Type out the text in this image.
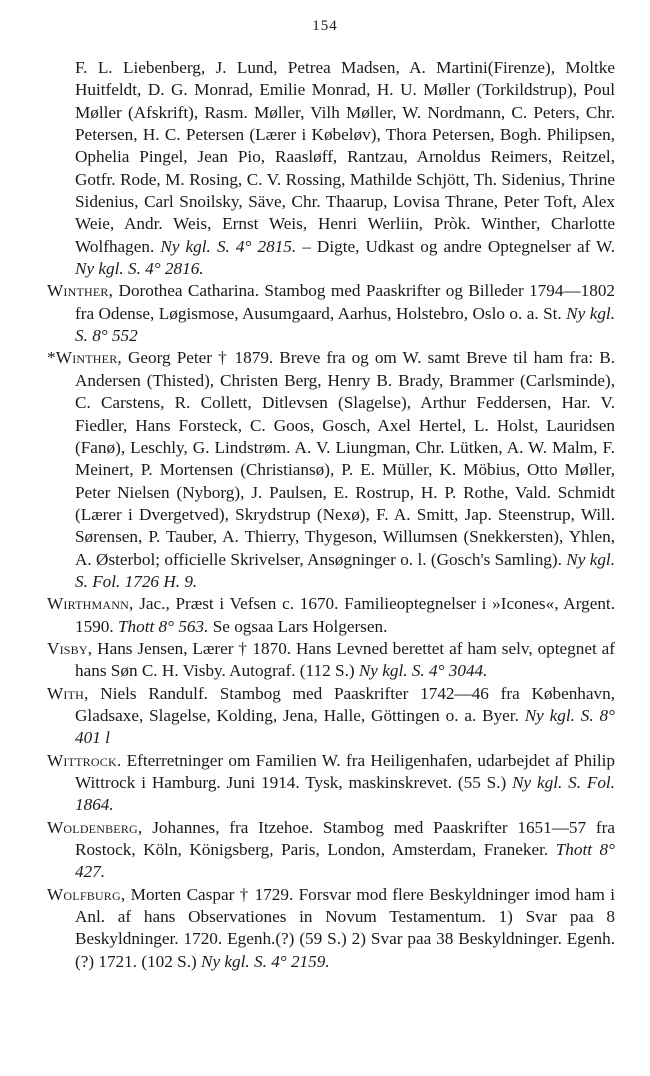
154

F. L. Liebenberg, J. Lund, Petrea Madsen, A. Martini(Firenze), Moltke Huitfeldt, D. G. Monrad, Emilie Monrad, H. U. Møller (Torkildstrup), Poul Møller (Afskrift), Rasm. Møller, Vilh Møller, W. Nordmann, C. Peters, Chr. Petersen, H. C. Petersen (Lærer i Købeløv), Thora Petersen, Bogh. Philipsen, Ophelia Pingel, Jean Pio, Raasløff, Rantzau, Arnoldus Reimers, Reitzel, Gotfr. Rode, M. Rosing, C. V. Rossing, Mathilde Schjött, Th. Sidenius, Thrine Sidenius, Carl Snoilsky, Säve, Chr. Thaarup, Lovisa Thrane, Peter Toft, Alex Weie, Andr. Weis, Ernst Weis, Henri Werliin, Pròk. Winther, Charlotte Wolfhagen. Ny kgl. S. 4° 2815. – Digte, Udkast og andre Optegnelser af W. Ny kgl. S. 4° 2816.

Winther, Dorothea Catharina. Stambog med Paaskrifter og Billeder 1794—1802 fra Odense, Løgismose, Ausumgaard, Aarhus, Holstebro, Oslo o. a. St. Ny kgl. S. 8° 552

*Winther, Georg Peter † 1879. Breve fra og om W. samt Breve til ham fra: B. Andersen (Thisted), Christen Berg, Henry B. Brady, Brammer (Carlsminde), C. Carstens, R. Collett, Ditlevsen (Slagelse), Arthur Feddersen, Har. V. Fiedler, Hans Forsteck, C. Goos, Gosch, Axel Hertel, L. Holst, Lauridsen (Fanø), Leschly, G. Lindstrøm. A. V. Liungman, Chr. Lütken, A. W. Malm, F. Meinert, P. Mortensen (Christiansø), P. E. Müller, K. Möbius, Otto Møller, Peter Nielsen (Nyborg), J. Paulsen, E. Rostrup, H. P. Rothe, Vald. Schmidt (Lærer i Dvergetved), Skrydstrup (Nexø), F. A. Smitt, Jap. Steenstrup, Will. Sørensen, P. Tauber, A. Thierry, Thygeson, Willumsen (Snekkersten), Yhlen, A. Østerbol; officielle Skrivelser, Ansøgninger o. l. (Gosch's Samling). Ny kgl. S. Fol. 1726 H. 9.

Wirthmann, Jac., Præst i Vefsen c. 1670. Familieoptegnelser i »Icones«, Argent. 1590. Thott 8° 563. Se ogsaa Lars Holgersen.

Visby, Hans Jensen, Lærer † 1870. Hans Levned berettet af ham selv, optegnet af hans Søn C. H. Visby. Autograf. (112 S.) Ny kgl. S. 4° 3044.

With, Niels Randulf. Stambog med Paaskrifter 1742—46 fra København, Gladsaxe, Slagelse, Kolding, Jena, Halle, Göttingen o. a. Byer. Ny kgl. S. 8° 401 l

Wittrock. Efterretninger om Familien W. fra Heiligenhafen, udarbejdet af Philip Wittrock i Hamburg. Juni 1914. Tysk, maskinskrevet. (55 S.) Ny kgl. S. Fol. 1864.

Woldenberg, Johannes, fra Itzehoe. Stambog med Paaskrifter 1651—57 fra Rostock, Köln, Königsberg, Paris, London, Amsterdam, Franeker. Thott 8° 427.

Wolfburg, Morten Caspar † 1729. Forsvar mod flere Beskyldninger imod ham i Anl. af hans Observationes in Novum Testamentum. 1) Svar paa 8 Beskyldninger. 1720. Egenh.(?) (59 S.) 2) Svar paa 38 Beskyldninger. Egenh.(?) 1721. (102 S.) Ny kgl. S. 4° 2159.
